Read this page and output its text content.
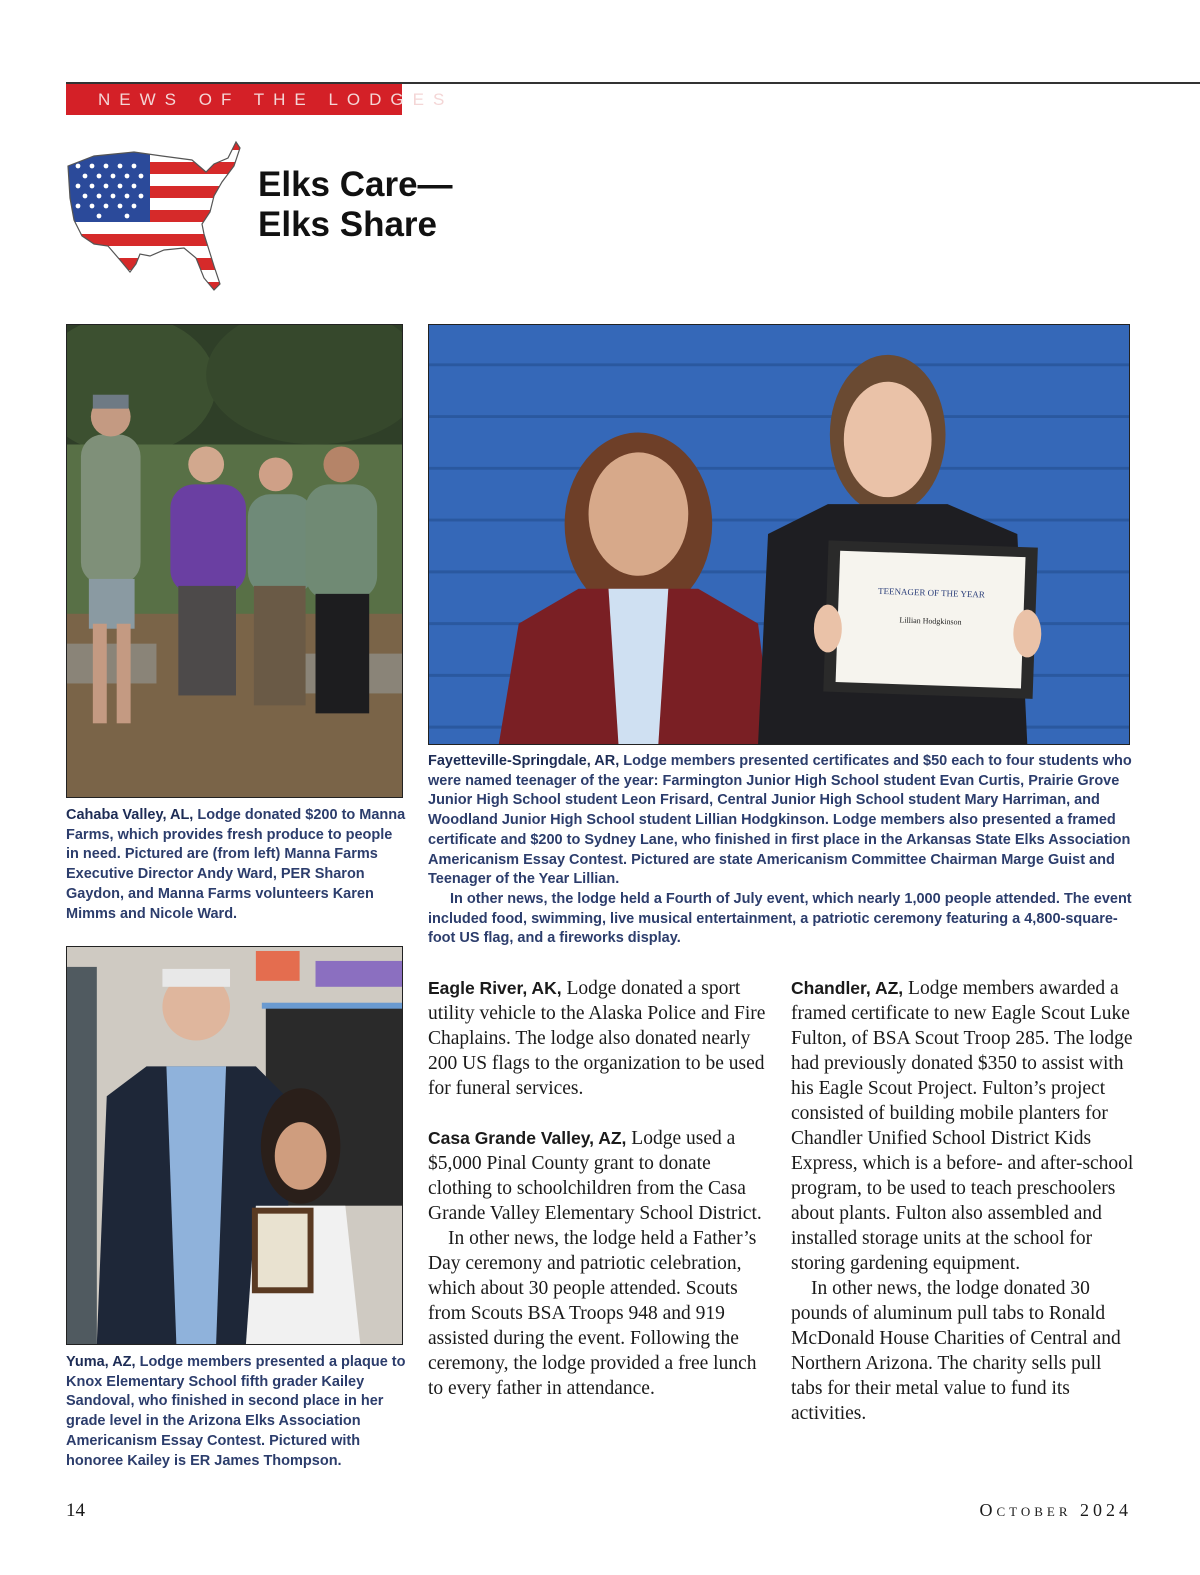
NEWS OF THE LODGES
Elks Care—
Elks Share
TEENAGER OF THE YEAR
Lillian Hodgkinson

Cahaba Valley, AL, Lodge donated $200 to Manna Farms, which provides fresh produce to people in need. Pictured are (from left) Manna Farms Executive Director Andy Ward, PER Sharon Gaydon, and Manna Farms volunteers Karen Mimms and Nicole Ward.

Fayetteville-Springdale, AR, Lodge members presented certificates and $50 each to four students who were named teenager of the year: Farmington Junior High School student Evan Curtis, Prairie Grove Junior High School student Leon Frisard, Central Junior High School student Mary Harriman, and Woodland Junior High School student Lillian Hodgkinson. Lodge members also presented a framed certificate and $200 to Sydney Lane, who finished in first place in the Arkansas State Elks Association Americanism Essay Contest. Pictured are state Americanism Committee Chairman Marge Guist and Teenager of the Year Lillian.

In other news, the lodge held a Fourth of July event, which nearly 1,000 people attended. The event included food, swimming, live musical entertainment, a patriotic ceremony featuring a 4,800-square-foot US flag, and a fireworks display.

Yuma, AZ, Lodge members presented a plaque to Knox Elementary School fifth grader Kailey Sandoval, who finished in second place in her grade level in the Arizona Elks Association Americanism Essay Contest. Pictured with honoree Kailey is ER James Thompson.

Eagle River, AK, Lodge donated a sport utility vehicle to the Alaska Police and Fire Chaplains. The lodge also donated nearly 200 US flags to the organization to be used for funeral services.

Casa Grande Valley, AZ, Lodge used a $5,000 Pinal County grant to donate clothing to schoolchildren from the Casa Grande Valley Elementary School District.

In other news, the lodge held a Father’s Day ceremony and patriotic celebration, which about 30 people attended. Scouts from Scouts BSA Troops 948 and 919 assisted during the event. Following the ceremony, the lodge provided a free lunch to every father in attendance.

Chandler, AZ, Lodge members awarded a framed certificate to new Eagle Scout Luke Fulton, of BSA Scout Troop 285. The lodge had previously donated $350 to assist with his Eagle Scout Project. Fulton’s project consisted of building mobile planters for Chandler Unified School District Kids Express, which is a before- and after-school program, to be used to teach preschoolers about plants. Fulton also assembled and installed storage units at the school for storing gardening equipment.

In other news, the lodge donated 30 pounds of aluminum pull tabs to Ronald McDonald House Charities of Central and Northern Arizona. The charity sells pull tabs for their metal value to fund its activities.

14	October 2024
